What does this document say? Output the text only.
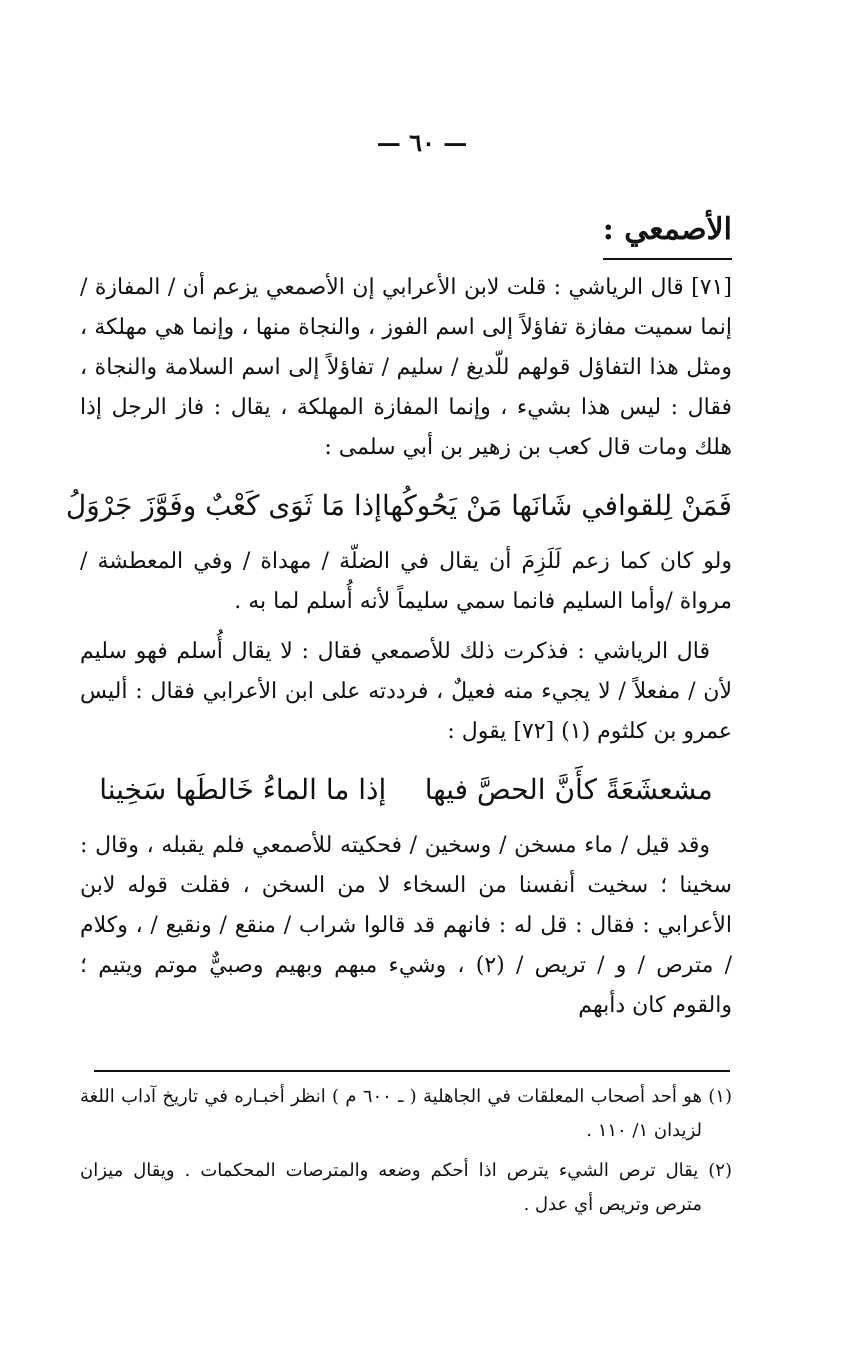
— ٦٠ —
الأصمعي :

[٧١] قال الرياشي : قلت لابن الأعرابي إن الأصمعي يزعم أن / المفازة / إنما سميت مفازة تفاؤلاً إلى اسم الفوز ، والنجاة منها ، وإنما هي مهلكة ، ومثل هذا التفاؤل قولهم للّديغ / سليم / تفاؤلاً إلى اسم السلامة والنجاة ، فقال : ليس هذا بشيء ، وإنما المفازة المهلكة ، يقال : فاز الرجل إذا هلك ومات قال كعب بن زهير بن أبي سلمى :

فَمَنْ لِلقوافي شَانَها مَنْ يَحُوكُها
إذا مَا ثَوَى كَعْبٌ وفَوَّزَ جَرْوَلُ

ولو كان كما زعم لَلَزِمَ أن يقال في الضلّة / مهداة / وفي المعطشة / مرواة /وأما السليم فانما سمي سليماً لأنه أُسلم لما به .

قال الرياشي : فذكرت ذلك للأصمعي فقال : لا يقال أُسلم فهو سليم لأن / مفعلاً / لا يجيء منه فعيلٌ ، فرددته على ابن الأعرابي فقال : أليس عمرو بن كلثوم (١) [٧٢] يقول :

مشعشَعَةً كأَنَّ الحصَّ فيها
إذا ما الماءُ خَالطَها سَخِينا

وقد قيل / ماء مسخن / وسخين / فحكيته للأصمعي فلم يقبله ، وقال : سخينا ؛ سخيت أنفسنا من السخاء لا من السخن ، فقلت قوله لابن الأعرابي : فقال : قل له : فانهم قد قالوا شراب / منقع / ونقيع / ، وكلام / مترص / و / تريص / (٢) ، وشيء مبهم وبهيم وصبيٌّ موتم ويتيم ؛ والقوم كان دأبهم

(١) هو أحد أصحاب المعلقات في الجاهلية ( ـ ٦٠٠ م ) انظر أخبـاره في تاريخ آداب اللغة لزيدان ١/ ١١٠ .

(٢) يقال ترص الشيء يترص اذا أحكم وضعه والمترصات المحكمات . ويقال ميزان مترص وتريص أي عدل .
